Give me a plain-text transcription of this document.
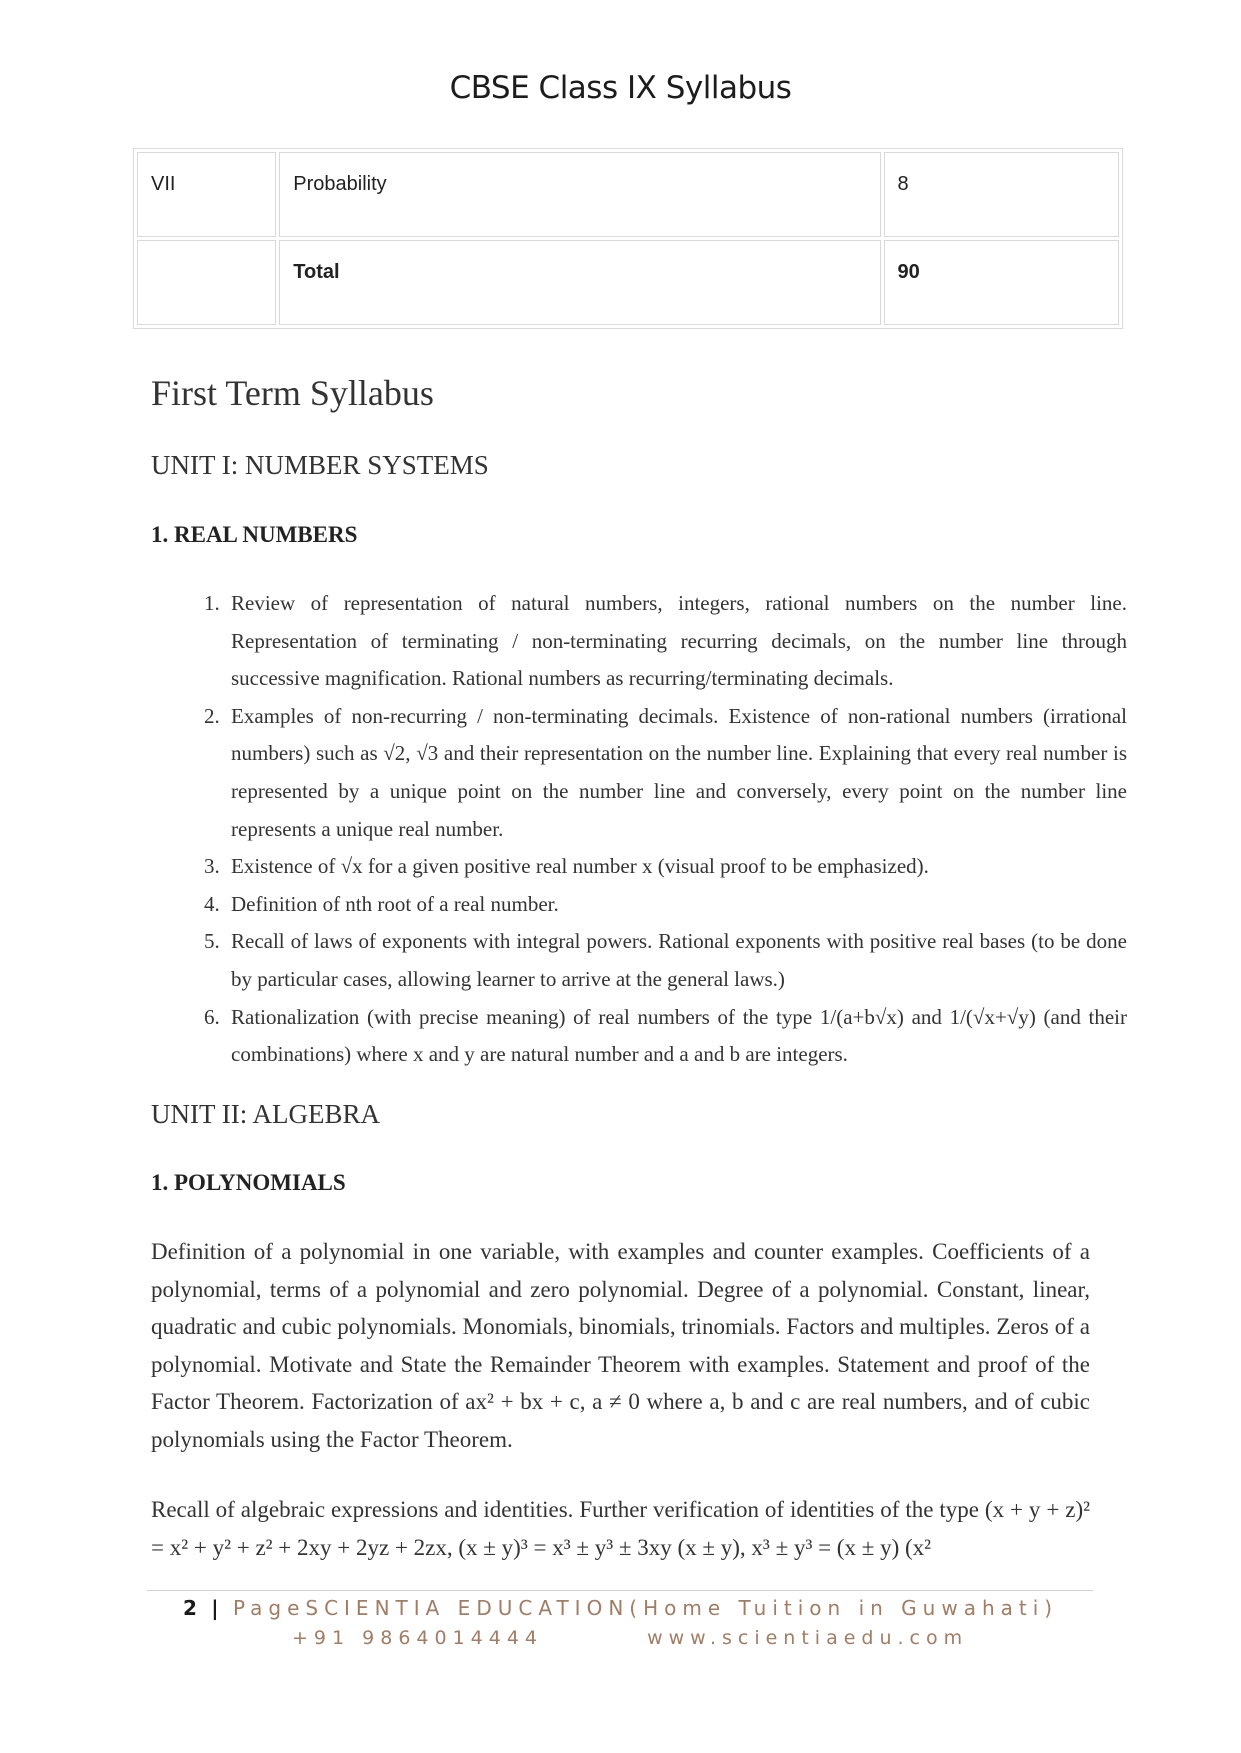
CBSE Class IX Syllabus
VII	Probability	8
	Total	90
First Term Syllabus
UNIT I: NUMBER SYSTEMS
1. REAL NUMBERS
1. Review of representation of natural numbers, integers, rational numbers on the number line. Representation of terminating / non-terminating recurring decimals, on the number line through successive magnification. Rational numbers as recurring/terminating decimals.
2. Examples of non-recurring / non-terminating decimals. Existence of non-rational numbers (irrational numbers) such as √2, √3 and their representation on the number line. Explaining that every real number is represented by a unique point on the number line and conversely, every point on the number line represents a unique real number.
3. Existence of √x for a given positive real number x (visual proof to be emphasized).
4. Definition of nth root of a real number.
5. Recall of laws of exponents with integral powers. Rational exponents with positive real bases (to be done by particular cases, allowing learner to arrive at the general laws.)
6. Rationalization (with precise meaning) of real numbers of the type 1/(a+b√x) and 1/(√x+√y) (and their combinations) where x and y are natural number and a and b are integers.
UNIT II: ALGEBRA
1. POLYNOMIALS

Definition of a polynomial in one variable, with examples and counter examples. Coefficients of a polynomial, terms of a polynomial and zero polynomial. Degree of a polynomial. Constant, linear, quadratic and cubic polynomials. Monomials, binomials, trinomials. Factors and multiples. Zeros of a polynomial. Motivate and State the Remainder Theorem with examples. Statement and proof of the Factor Theorem. Factorization of ax² + bx + c, a ≠ 0 where a, b and c are real numbers, and of cubic polynomials using the Factor Theorem.

Recall of algebraic expressions and identities. Further verification of identities of the type (x + y + z)² = x² + y² + z² + 2xy + 2yz + 2zx, (x ± y)³ = x³ ± y³ ± 3xy (x ± y), x³ ± y³ = (x ± y) (x²

2 | PageSCIENTIA EDUCATION(Home Tuition in Guwahati)
+91 9864014444	www.scientiaedu.com
